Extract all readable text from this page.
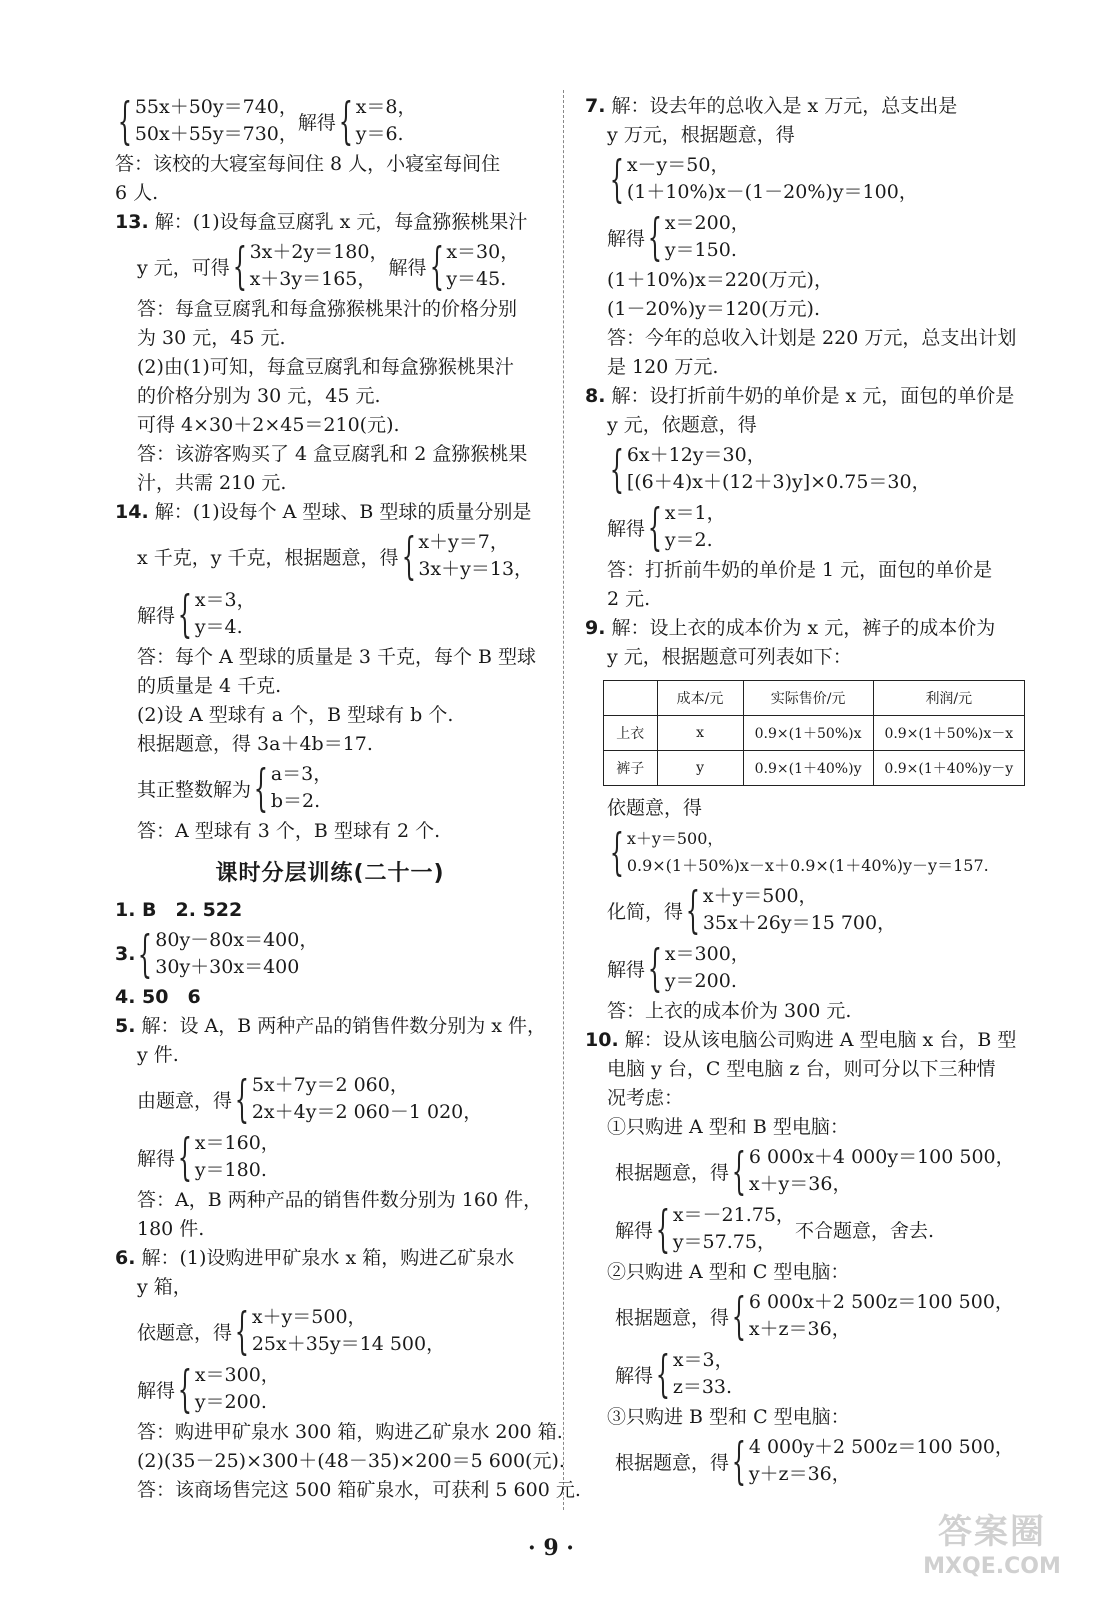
{ 55x＋50y＝740，
50x＋55y＝730，
解得 { x＝8，
y＝6.
答：该校的大寝室每间住 8 人，小寝室每间住
6 人.
13. 解：(1)设每盒豆腐乳 x 元，每盒猕猴桃果汁
y 元，可得 { 3x＋2y＝180，
x＋3y＝165，
解得 { x＝30，
y＝45.
答：每盒豆腐乳和每盒猕猴桃果汁的价格分别
为 30 元，45 元.
(2)由(1)可知，每盒豆腐乳和每盒猕猴桃果汁
的价格分别为 30 元，45 元.
可得 4×30＋2×45＝210(元).
答：该游客购买了 4 盒豆腐乳和 2 盒猕猴桃果
汁，共需 210 元.
14. 解：(1)设每个 A 型球、B 型球的质量分别是
x 千克，y 千克，根据题意，得 { x＋y＝7，
3x＋y＝13，
解得 { x＝3，
y＝4.
答：每个 A 型球的质量是 3 千克，每个 B 型球
的质量是 4 千克.
(2)设 A 型球有 a 个，B 型球有 b 个.
根据题意，得 3a＋4b＝17.
其正整数解为 { a＝3，
b＝2.
答：A 型球有 3 个，B 型球有 2 个.
课时分层训练(二十一)
1. B　2. 522
3. { 80y－80x＝400，
30y＋30x＝400
4. 50　6
5. 解：设 A，B 两种产品的销售件数分别为 x 件，
y 件.
由题意，得 { 5x＋7y＝2 060，
2x＋4y＝2 060－1 020，
解得 { x＝160，
y＝180.
答：A，B 两种产品的销售件数分别为 160 件，
180 件.
6. 解：(1)设购进甲矿泉水 x 箱，购进乙矿泉水
y 箱，
依题意，得 { x＋y＝500，
25x＋35y＝14 500，
解得 { x＝300，
y＝200.
答：购进甲矿泉水 300 箱，购进乙矿泉水 200 箱.
(2)(35－25)×300＋(48－35)×200＝5 600(元).
答：该商场售完这 500 箱矿泉水，可获利 5 600 元.
7. 解：设去年的总收入是 x 万元，总支出是
y 万元，根据题意，得
{ x－y＝50，
(1＋10%)x－(1－20%)y＝100，
解得 { x＝200，
y＝150.
(1＋10%)x＝220(万元)，
(1－20%)y＝120(万元).
答：今年的总收入计划是 220 万元，总支出计划
是 120 万元.
8. 解：设打折前牛奶的单价是 x 元，面包的单价是
y 元，依题意，得
{ 6x＋12y＝30，
[(6＋4)x＋(12＋3)y]×0.75＝30，
解得 { x＝1，
y＝2.
答：打折前牛奶的单价是 1 元，面包的单价是
2 元.
9. 解：设上衣的成本价为 x 元，裤子的成本价为
y 元，根据题意可列表如下：
	成本/元	实际售价/元	利润/元
上衣	x	0.9×(1＋50%)x	0.9×(1＋50%)x－x
裤子	y	0.9×(1＋40%)y	0.9×(1＋40%)y－y
依题意，得
{ x＋y＝500，
0.9×(1＋50%)x－x＋0.9×(1＋40%)y－y＝157.
化简，得 { x＋y＝500，
35x＋26y＝15 700，
解得 { x＝300，
y＝200.
答：上衣的成本价为 300 元.
10. 解：设从该电脑公司购进 A 型电脑 x 台，B 型
电脑 y 台，C 型电脑 z 台，则可分以下三种情
况考虑：
①只购进 A 型和 B 型电脑：
根据题意，得 { 6 000x＋4 000y＝100 500，
x＋y＝36，
解得 { x＝－21.75，
y＝57.75，
不合题意，舍去.
②只购进 A 型和 C 型电脑：
根据题意，得 { 6 000x＋2 500z＝100 500，
x＋z＝36，
解得 { x＝3，
z＝33.
③只购进 B 型和 C 型电脑：
根据题意，得 { 4 000y＋2 500z＝100 500，
y＋z＝36，
· 9 ·	答案圈
MXQE.COM
